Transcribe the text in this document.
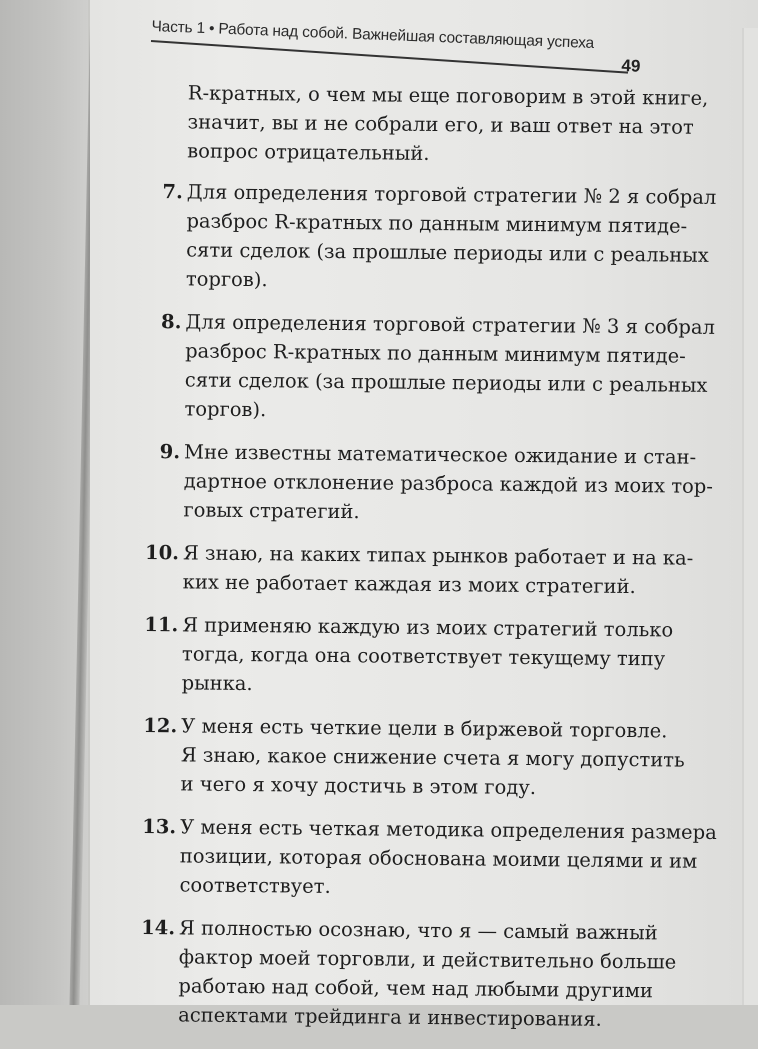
Часть 1 • Работа над собой. Важнейшая составляющая успеха
49
R-кратных, о чем мы еще поговорим в этой книге,
значит, вы и не собрали его, и ваш ответ на этот
вопрос отрицательный.
7. Для определения торговой стратегии № 2 я собрал
разброс R-кратных по данным минимум пятиде-
сяти сделок (за прошлые периоды или с реальных
торгов).
8. Для определения торговой стратегии № 3 я собрал
разброс R-кратных по данным минимум пятиде-
сяти сделок (за прошлые периоды или с реальных
торгов).
9. Мне известны математическое ожидание и стан-
дартное отклонение разброса каждой из моих тор-
говых стратегий.
10. Я знаю, на каких типах рынков работает и на ка-
ких не работает каждая из моих стратегий.
11. Я применяю каждую из моих стратегий только
тогда, когда она соответствует текущему типу
рынка.
12. У меня есть четкие цели в биржевой торговле.
Я знаю, какое снижение счета я могу допустить
и чего я хочу достичь в этом году.
13. У меня есть четкая методика определения размера
позиции, которая обоснована моими целями и им
соответствует.
14. Я полностью осознаю, что я — самый важный
фактор моей торговли, и действительно больше
работаю над собой, чем над любыми другими
аспектами трейдинга и инвестирования.
